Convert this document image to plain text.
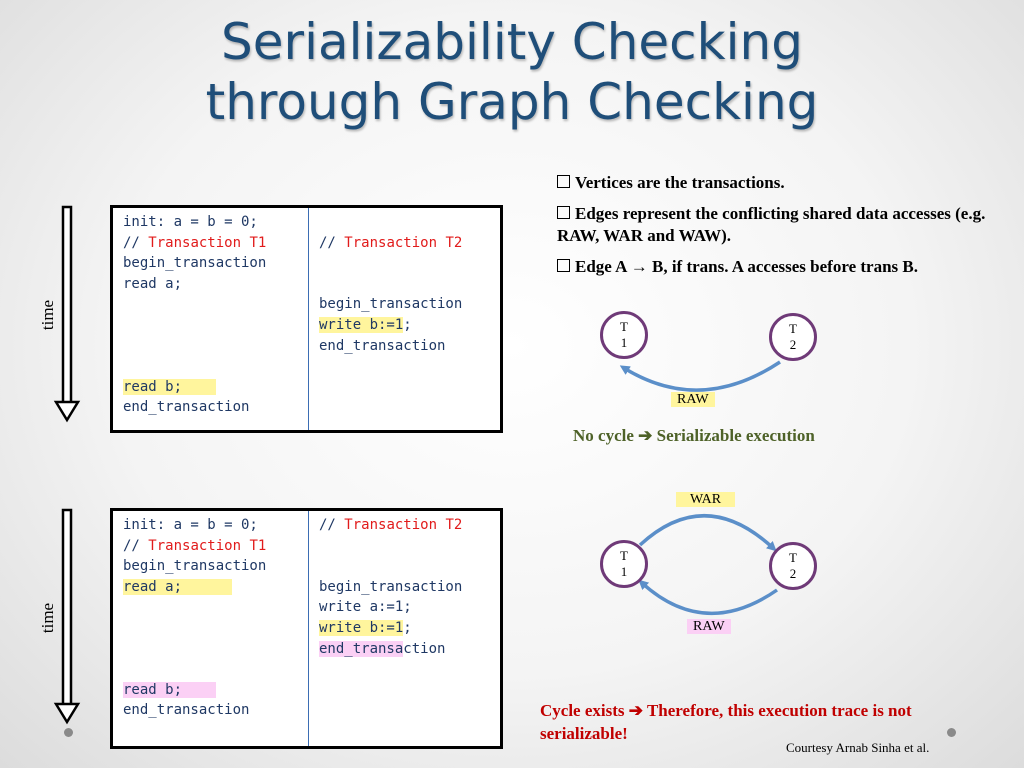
Serializability Checking
through Graph Checking
time
time
init: a = b = 0;
// Transaction T1
begin_transaction
read a;
read b;
end_transaction
// Transaction T2
begin_transaction
write b:=1;
end_transaction
init: a = b = 0;
// Transaction T1
begin_transaction
read a;
read b;
end_transaction
// Transaction T2
begin_transaction
write a:=1;
write b:=1;
end_transaction

Vertices are the transactions.

Edges represent the conflicting shared data accesses (e.g. RAW, WAR and WAW).

Edge A → B, if trans. A accesses before trans B.

T
1
T
2
RAW
No cycle ➔ Serializable execution
WAR
T
1
T
2
RAW
Cycle exists ➔ Therefore, this execution trace is not serializable!
Courtesy Arnab Sinha et al.
